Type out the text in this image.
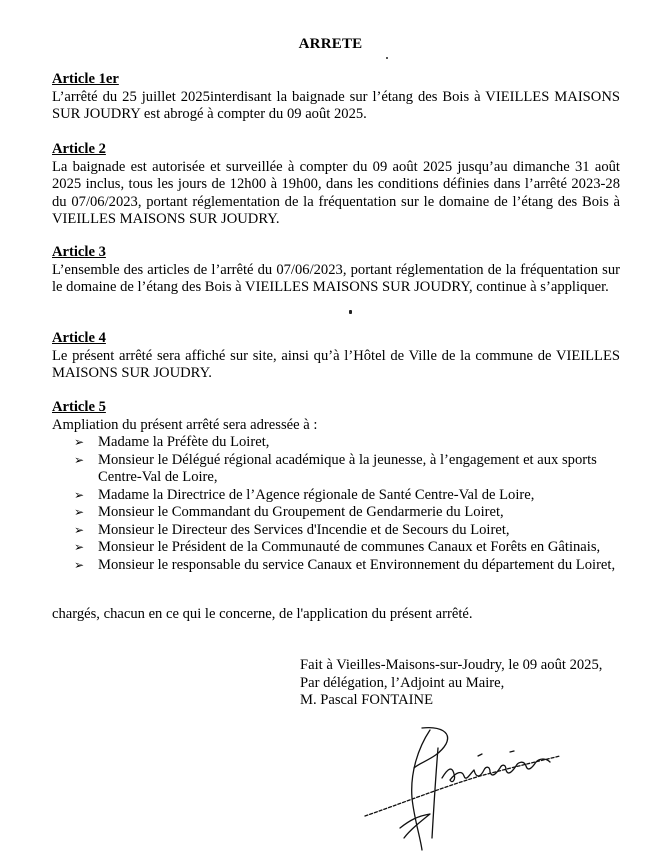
ARRETE
Article 1er
L’arrêté du 25 juillet 2025interdisant la baignade sur l’étang des Bois à VIEILLES MAISONS SUR JOUDRY est abrogé à compter du 09 août 2025.
Article 2
La baignade est autorisée et surveillée à compter du 09 août 2025 jusqu’au dimanche 31 août 2025 inclus, tous les jours de 12h00 à 19h00, dans les conditions définies dans l’arrêté 2023-28 du 07/06/2023, portant réglementation de la fréquentation sur le domaine de l’étang des Bois à VIEILLES MAISONS SUR JOUDRY.
Article 3
L’ensemble des articles de l’arrêté du 07/06/2023, portant réglementation de la fréquentation sur le domaine de l’étang des Bois à VIEILLES MAISONS SUR JOUDRY, continue à s’appliquer.
Article 4
Le présent arrêté sera affiché sur site, ainsi qu’à l’Hôtel de Ville de la commune de VIEILLES MAISONS SUR JOUDRY.
Article 5
Ampliation du présent arrêté sera adressée à :
➢ Madame la Préfète du Loiret,
➢ Monsieur le Délégué régional académique à la jeunesse, à l’engagement et aux sports Centre-Val de Loire,
➢ Madame la Directrice de l’Agence régionale de Santé Centre-Val de Loire,
➢ Monsieur le Commandant du Groupement de Gendarmerie du Loiret,
➢ Monsieur le Directeur des Services d'Incendie et de Secours du Loiret,
➢ Monsieur le Président de la Communauté de communes Canaux et Forêts en Gâtinais,
➢ Monsieur le responsable du service Canaux et Environnement du département du Loiret,
chargés, chacun en ce qui le concerne, de l'application du présent arrêté.
Fait à Vieilles-Maisons-sur-Joudry, le 09 août 2025,
Par délégation, l’Adjoint au Maire,
M. Pascal FONTAINE
